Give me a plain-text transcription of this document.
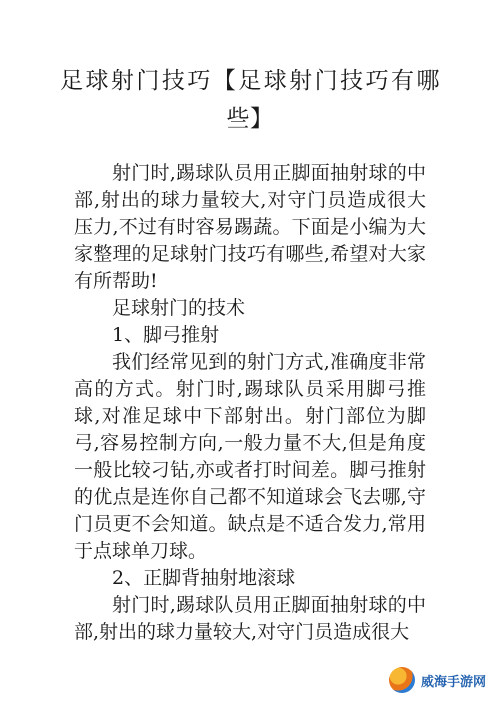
足球射门技巧【足球射门技巧有哪些】

射门时,踢球队员用正脚面抽射球的中部,射出的球力量较大,对守门员造成很大压力,不过有时容易踢蔬。下面是小编为大家整理的足球射门技巧有哪些,希望对大家有所帮助!

足球射门的技术

1、脚弓推射

我们经常见到的射门方式,准确度非常高的方式。射门时,踢球队员采用脚弓推球,对准足球中下部射出。射门部位为脚弓,容易控制方向,一般力量不大,但是角度一般比较刁钻,亦或者打时间差。脚弓推射的优点是连你自己都不知道球会飞去哪,守门员更不会知道。缺点是不适合发力,常用于点球单刀球。

2、正脚背抽射地滚球

射门时,踢球队员用正脚面抽射球的中部,射出的球力量较大,对守门员造成很大

威海手游网
